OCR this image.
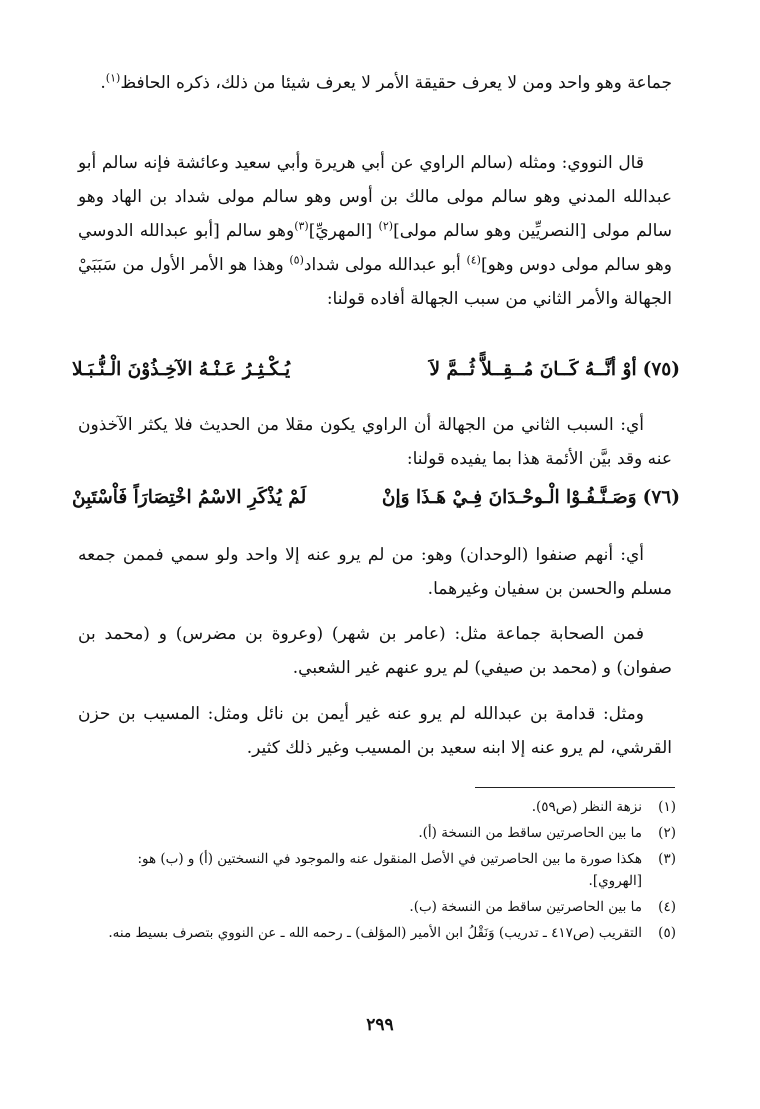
جماعة وهو واحد ومن لا يعرف حقيقة الأمر لا يعرف شيئا من ذلك، ذكره الحافظ$^{(١)}$.

قال النووي: ومثله (سالم الراوي عن أبي هريرة وأبي سعيد وعائشة فإنه سالم أبو عبدالله المدني وهو سالم مولى مالك بن أوس وهو سالم مولى شداد بن الهاد وهو سالم مولى [النصريِّين وهو سالم مولى]$^{(٢)}$ [المهريِّ]$^{(٣)}$وهو سالم [أبو عبدالله الدوسي وهو سالم مولى دوس وهو]$^{(٤)}$ أبو عبدالله مولى شداد$^{(٥)}$ وهذا هو الأمر الأول من سَبَبَيْ الجهالة والأمر الثاني من سبب الجهالة أفاده قولنا:

(٧٥)
أوْ أنَّــهُ كَــانَ مُــقِــلاًّ ثُــمَّ لاَ
يُـكْـثِـرُ عَـنْـهُ الآخِـذُوْنَ الْـنُّـبَـلا

أي: السبب الثاني من الجهالة أن الراوي يكون مقلا من الحديث فلا يكثر الآخذون عنه وقد بيَّن الأئمة هذا بما يفيده قولنا:

(٧٦)
وَصَـنَّـفُـوْا الْـوحْـدَانَ فِـيْ هَـذَا وَإنْ
لَمْ يُذْكَرِ الاسْمُ اخْتِصَارَاً فَاْسْتَبِنْ

أي: أنهم صنفوا (الوحدان) وهو: من لم يرو عنه إلا واحد ولو سمي فممن جمعه مسلم والحسن بن سفيان وغيرهما.

فمن الصحابة جماعة مثل: (عامر بن شهر) (وعروة بن مضرس) و (محمد بن صفوان) و (محمد بن صيفي) لم يرو عنهم غير الشعبي.

ومثل: قدامة بن عبدالله لم يرو عنه غير أيمن بن نائل ومثل: المسيب بن حزن القرشي، لم يرو عنه إلا ابنه سعيد بن المسيب وغير ذلك كثير.

(١)
نزهة النظر (ص٥٩).
(٢)
ما بين الحاصرتين ساقط من النسخة (أ).
(٣)
هكذا صورة ما بين الحاصرتين في الأصل المنقول عنه والموجود في النسختين (أ) و (ب) هو: [الهروي].
(٤)
ما بين الحاصرتين ساقط من النسخة (ب).
(٥)
التقريب (ص٤١٧ ـ تدريب) وَنَقْلُ ابن الأمير (المؤلف) ـ رحمه الله ـ عن النووي بتصرف بسيط منه.
٢٩٩
